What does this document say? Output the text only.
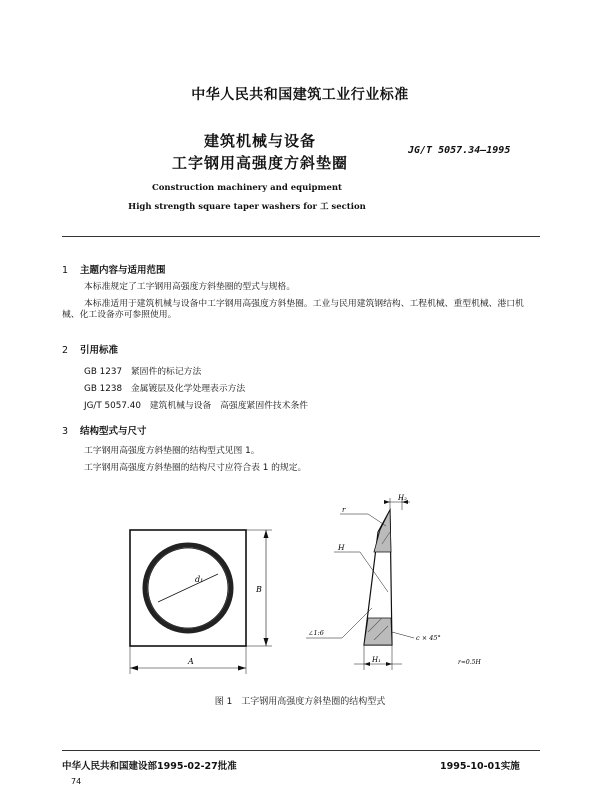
中华人民共和国建筑工业行业标准
建筑机械与设备
工字钢用高强度方斜垫圈
JG/T 5057.34—1995
Construction machinery and equipment
High strength square taper washers for 工 section
1 主题内容与适用范围
本标准规定了工字钢用高强度方斜垫圈的型式与规格。
本标准适用于建筑机械与设备中工字钢用高强度方斜垫圈。工业与民用建筑钢结构、工程机械、重型机械、港口机械、化工设备亦可参照使用。
2 引用标准
GB 1237　 紧固件的标记方法
GB 1238　 金属镀层及化学处理表示方法
JG/T 5057.40　 建筑机械与设备　高强度紧固件技术条件
3 结构型式与尺寸
工字钢用高强度方斜垫圈的结构型式见图 1。
工字钢用高强度方斜垫圈的结构尺寸应符合表 1 的规定。
d₁
B
A
H₂
r
H
∠1:6
c × 45°
H₁	r≈0.5H
图 1　工字钢用高强度方斜垫圈的结构型式
中华人民共和国建设部1995-02-27批准	1995-10-01实施
74
